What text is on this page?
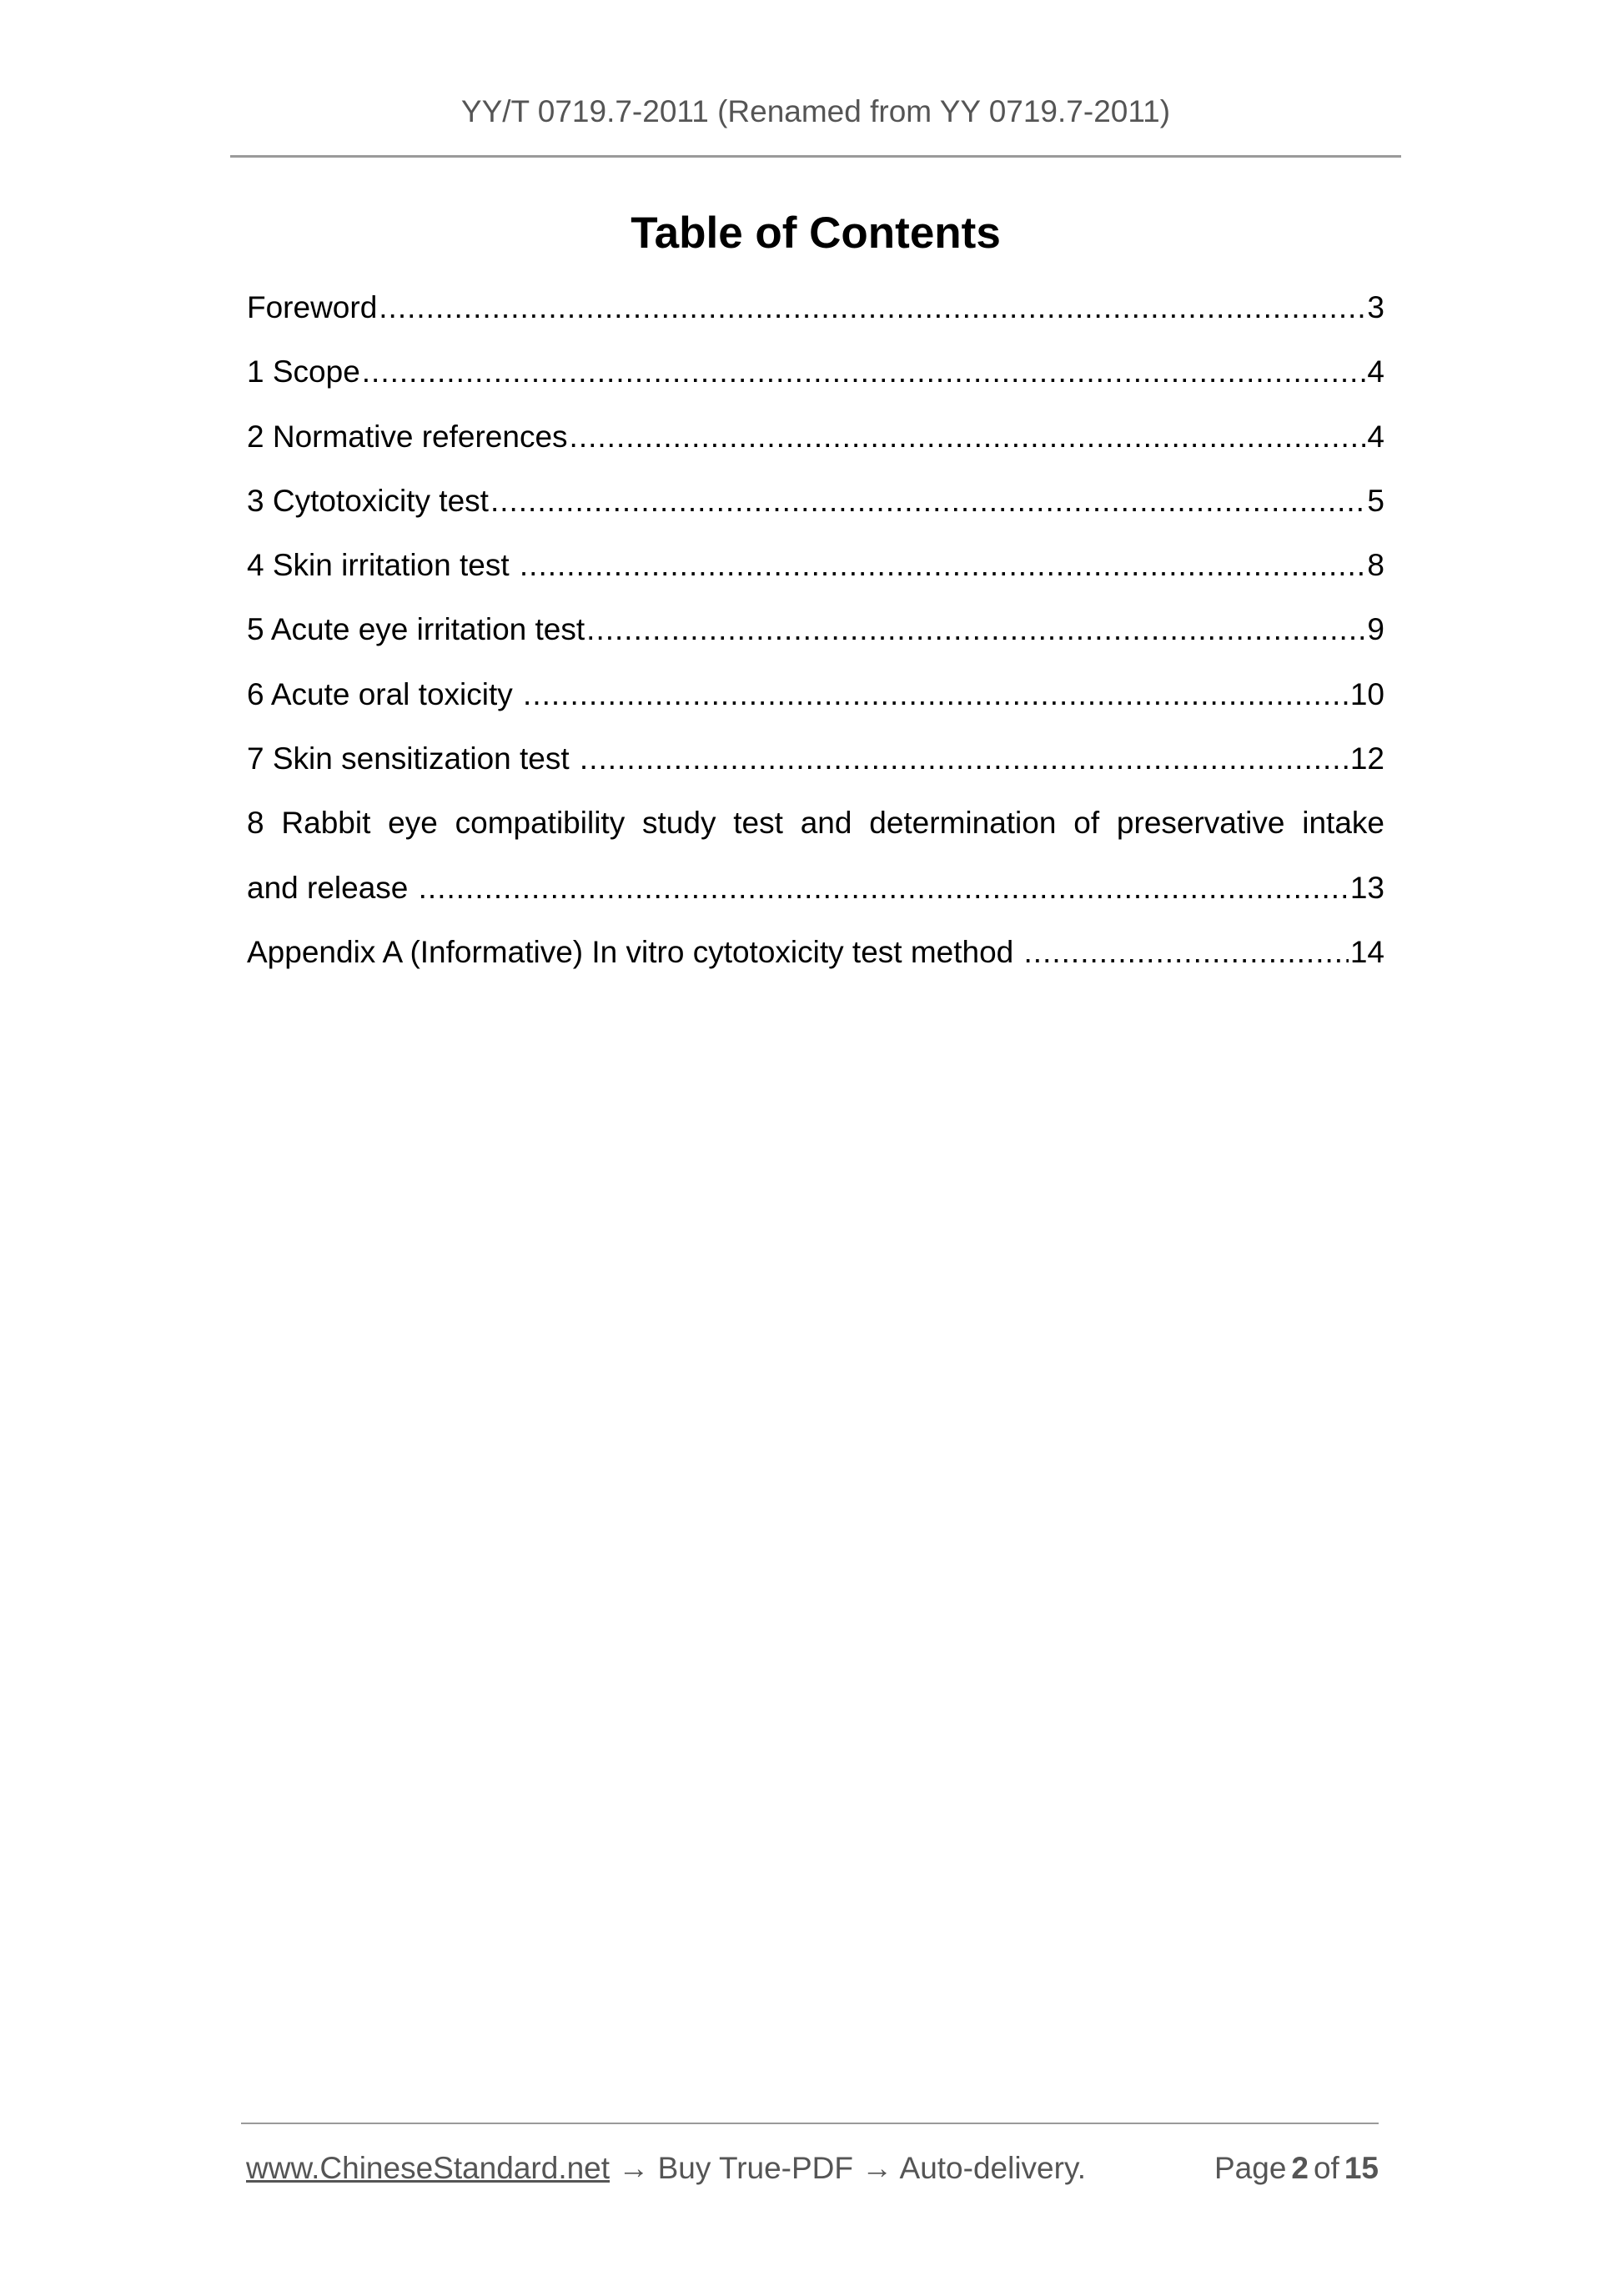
YY/T 0719.7-2011 (Renamed from YY 0719.7-2011)
Table of Contents
Foreword .....	3
1 Scope .....	4
2 Normative references .....	4
3 Cytotoxicity test .....	5
4 Skin irritation test .....	8
5 Acute eye irritation test .....	9
6 Acute oral toxicity .....	10
7 Skin sensitization test .....	12
8 Rabbit eye compatibility study test and determination of preservative intake
and release .....	13
Appendix A (Informative) In vitro cytotoxicity test method .....	14
www.ChineseStandard.net → Buy True-PDF → Auto-delivery.	Page 2 of 15
